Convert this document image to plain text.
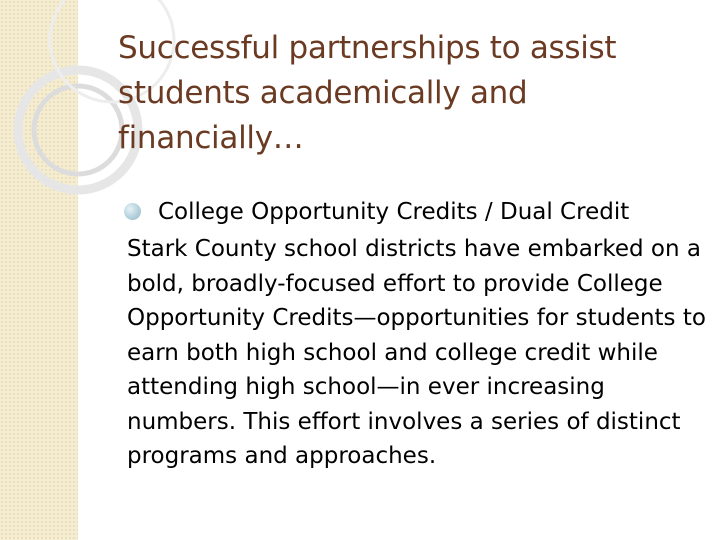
Successful partnerships to assist students academically and financially…
College Opportunity Credits / Dual Credit

Stark County school districts have embarked on a bold, broadly-focused effort to provide College Opportunity Credits—opportunities for students to earn both high school and college credit while attending high school—in ever increasing numbers. This effort involves a series of distinct programs and approaches.
